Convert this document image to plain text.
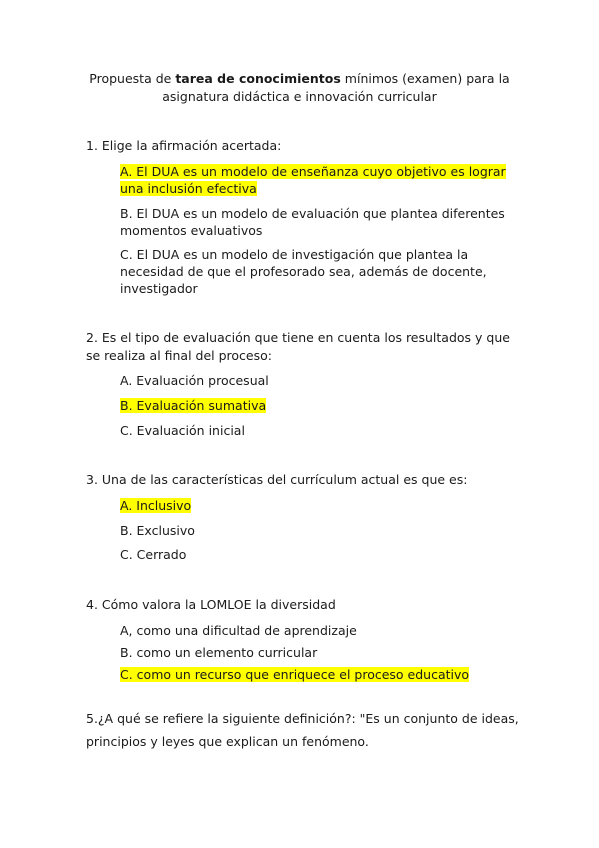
Propuesta de tarea de conocimientos mínimos (examen) para la
asignatura didáctica e innovación curricular
1. Elige la afirmación acertada:
A. El DUA es un modelo de enseñanza cuyo objetivo es lograr una inclusión efectiva
B. El DUA es un modelo de evaluación que plantea diferentes momentos evaluativos
C. El DUA es un modelo de investigación que plantea la necesidad de que el profesorado sea, además de docente, investigador
2. Es el tipo de evaluación que tiene en cuenta los resultados y que se realiza al final del proceso:
A. Evaluación procesual
B. Evaluación sumativa
C. Evaluación inicial
3. Una de las características del currículum actual es que es:
A. Inclusivo
B. Exclusivo
C. Cerrado
4. Cómo valora la LOMLOE la diversidad
A, como una dificultad de aprendizaje
B. como un elemento curricular
C. como un recurso que enriquece el proceso educativo
5.¿A qué se refiere la siguiente definición?: "Es un conjunto de ideas, principios y leyes que explican un fenómeno.
